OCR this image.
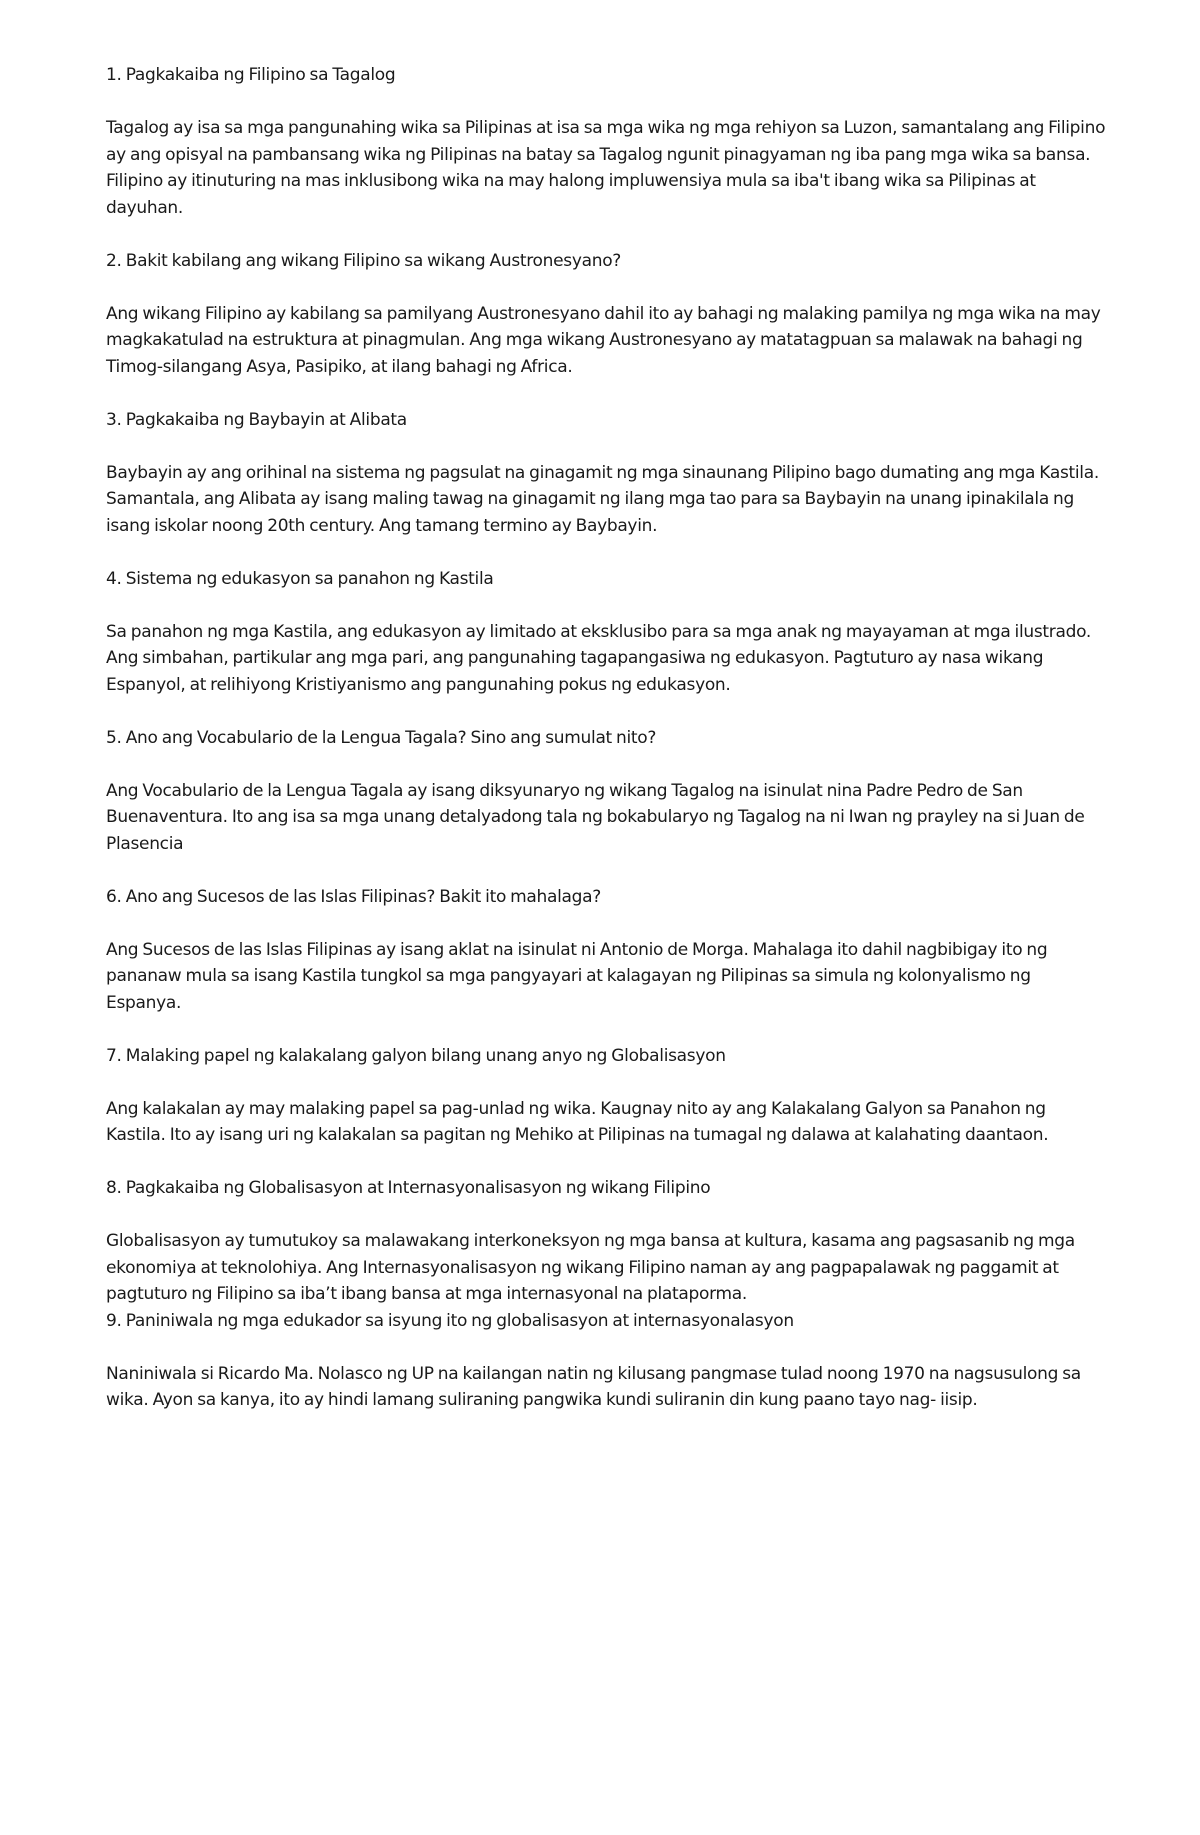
1. Pagkakaiba ng Filipino sa Tagalog

Tagalog ay isa sa mga pangunahing wika sa Pilipinas at isa sa mga wika ng mga rehiyon sa Luzon, samantalang ang Filipino ay ang opisyal na pambansang wika ng Pilipinas na batay sa Tagalog ngunit pinagyaman ng iba pang mga wika sa bansa. Filipino ay itinuturing na mas inklusibong wika na may halong impluwensiya mula sa iba't ibang wika sa Pilipinas at dayuhan.

2. Bakit kabilang ang wikang Filipino sa wikang Austronesyano?

Ang wikang Filipino ay kabilang sa pamilyang Austronesyano dahil ito ay bahagi ng malaking pamilya ng mga wika na may magkakatulad na estruktura at pinagmulan. Ang mga wikang Austronesyano ay matatagpuan sa malawak na bahagi ng Timog-silangang Asya, Pasipiko, at ilang bahagi ng Africa.

3. Pagkakaiba ng Baybayin at Alibata

Baybayin ay ang orihinal na sistema ng pagsulat na ginagamit ng mga sinaunang Pilipino bago dumating ang mga Kastila. Samantala, ang Alibata ay isang maling tawag na ginagamit ng ilang mga tao para sa Baybayin na unang ipinakilala ng isang iskolar noong 20th century. Ang tamang termino ay Baybayin.

4. Sistema ng edukasyon sa panahon ng Kastila

Sa panahon ng mga Kastila, ang edukasyon ay limitado at eksklusibo para sa mga anak ng mayayaman at mga ilustrado. Ang simbahan, partikular ang mga pari, ang pangunahing tagapangasiwa ng edukasyon. Pagtuturo ay nasa wikang Espanyol, at relihiyong Kristiyanismo ang pangunahing pokus ng edukasyon.

5. Ano ang Vocabulario de la Lengua Tagala? Sino ang sumulat nito?

Ang Vocabulario de la Lengua Tagala ay isang diksyunaryo ng wikang Tagalog na isinulat nina Padre Pedro de San Buenaventura. Ito ang isa sa mga unang detalyadong tala ng bokabularyo ng Tagalog na ni Iwan ng prayley na si Juan de Plasencia

6. Ano ang Sucesos de las Islas Filipinas? Bakit ito mahalaga?

Ang Sucesos de las Islas Filipinas ay isang aklat na isinulat ni Antonio de Morga. Mahalaga ito dahil nagbibigay ito ng pananaw mula sa isang Kastila tungkol sa mga pangyayari at kalagayan ng Pilipinas sa simula ng kolonyalismo ng Espanya.

7. Malaking papel ng kalakalang galyon bilang unang anyo ng Globalisasyon

Ang kalakalan ay may malaking papel sa pag-unlad ng wika. Kaugnay nito ay ang Kalakalang Galyon sa Panahon ng Kastila. Ito ay isang uri ng kalakalan sa pagitan ng Mehiko at Pilipinas na tumagal ng dalawa at kalahating daantaon.

8. Pagkakaiba ng Globalisasyon at Internasyonalisasyon ng wikang Filipino

Globalisasyon ay tumutukoy sa malawakang interkoneksyon ng mga bansa at kultura, kasama ang pagsasanib ng mga ekonomiya at teknolohiya. Ang Internasyonalisasyon ng wikang Filipino naman ay ang pagpapalawak ng paggamit at pagtuturo ng Filipino sa iba’t ibang bansa at mga internasyonal na plataporma.

9. Paniniwala ng mga edukador sa isyung ito ng globalisasyon at internasyonalasyon

Naniniwala si Ricardo Ma. Nolasco ng UP na kailangan natin ng kilusang pangmase tulad noong 1970 na nagsusulong sa wika. Ayon sa kanya, ito ay hindi lamang suliraning pangwika kundi suliranin din kung paano tayo nag- iisip.
